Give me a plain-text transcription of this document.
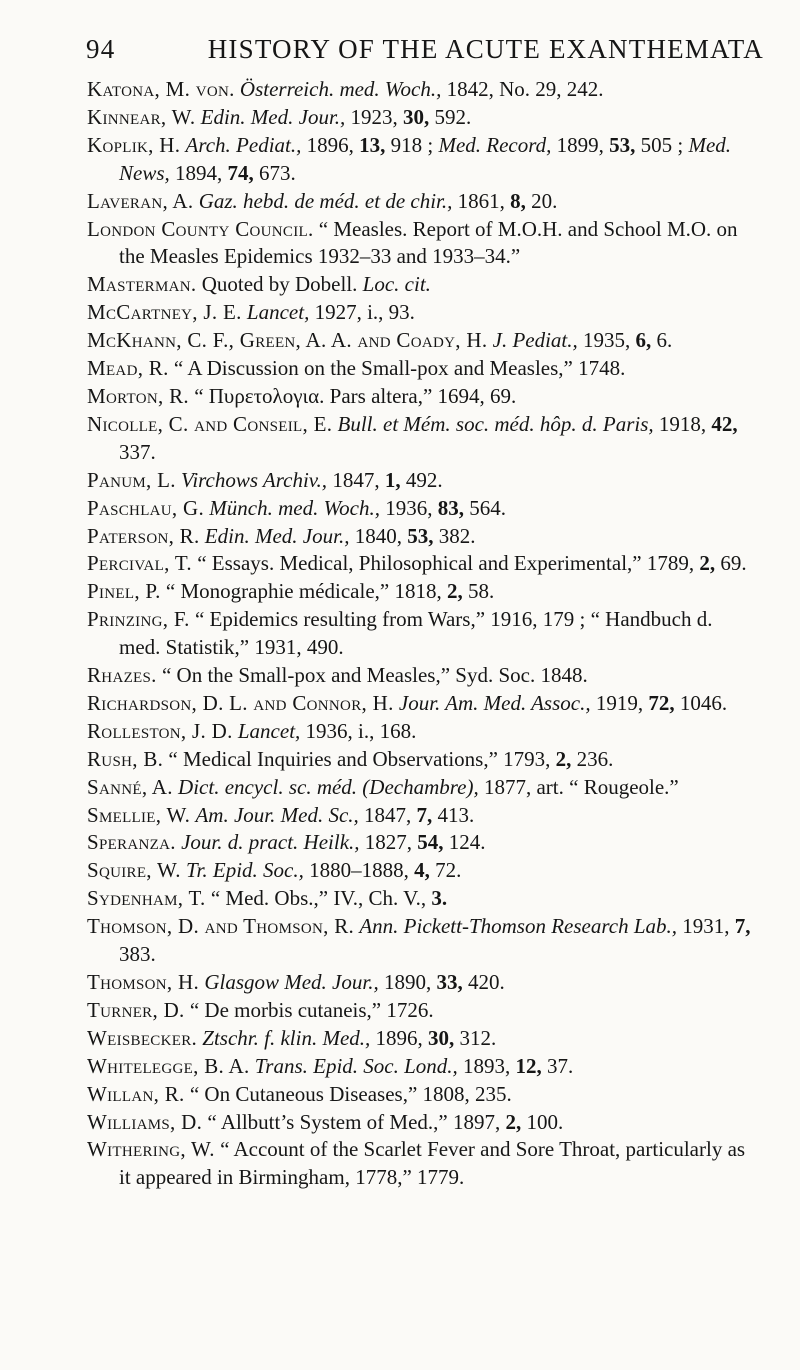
94	HISTORY OF THE ACUTE EXANTHEMATA
Katona, M. von. Österreich. med. Woch., 1842, No. 29, 242.
Kinnear, W. Edin. Med. Jour., 1923, 30, 592.
Koplik, H. Arch. Pediat., 1896, 13, 918 ; Med. Record, 1899, 53, 505 ; Med. News, 1894, 74, 673.
Laveran, A. Gaz. hebd. de méd. et de chir., 1861, 8, 20.
London County Council. “ Measles. Report of M.O.H. and School M.O. on the Measles Epidemics 1932–33 and 1933–34.”
Masterman. Quoted by Dobell. Loc. cit.
McCartney, J. E. Lancet, 1927, i., 93.
McKhann, C. F., Green, A. A. and Coady, H. J. Pediat., 1935, 6, 6.
Mead, R. “ A Discussion on the Small-pox and Measles,” 1748.
Morton, R. “ Πυρετολογια. Pars altera,” 1694, 69.
Nicolle, C. and Conseil, E. Bull. et Mém. soc. méd. hôp. d. Paris, 1918, 42, 337.
Panum, L. Virchows Archiv., 1847, 1, 492.
Paschlau, G. Münch. med. Woch., 1936, 83, 564.
Paterson, R. Edin. Med. Jour., 1840, 53, 382.
Percival, T. “ Essays. Medical, Philosophical and Experimental,” 1789, 2, 69.
Pinel, P. “ Monographie médicale,” 1818, 2, 58.
Prinzing, F. “ Epidemics resulting from Wars,” 1916, 179 ; “ Handbuch d. med. Statistik,” 1931, 490.
Rhazes. “ On the Small-pox and Measles,” Syd. Soc. 1848.
Richardson, D. L. and Connor, H. Jour. Am. Med. Assoc., 1919, 72, 1046.
Rolleston, J. D. Lancet, 1936, i., 168.
Rush, B. “ Medical Inquiries and Observations,” 1793, 2, 236.
Sanné, A. Dict. encycl. sc. méd. (Dechambre), 1877, art. “ Rougeole.”
Smellie, W. Am. Jour. Med. Sc., 1847, 7, 413.
Speranza. Jour. d. pract. Heilk., 1827, 54, 124.
Squire, W. Tr. Epid. Soc., 1880–1888, 4, 72.
Sydenham, T. “ Med. Obs.,” IV., Ch. V., 3.
Thomson, D. and Thomson, R. Ann. Pickett-Thomson Research Lab., 1931, 7, 383.
Thomson, H. Glasgow Med. Jour., 1890, 33, 420.
Turner, D. “ De morbis cutaneis,” 1726.
Weisbecker. Ztschr. f. klin. Med., 1896, 30, 312.
Whitelegge, B. A. Trans. Epid. Soc. Lond., 1893, 12, 37.
Willan, R. “ On Cutaneous Diseases,” 1808, 235.
Williams, D. “ Allbutt’s System of Med.,” 1897, 2, 100.
Withering, W. “ Account of the Scarlet Fever and Sore Throat, particularly as it appeared in Birmingham, 1778,” 1779.
